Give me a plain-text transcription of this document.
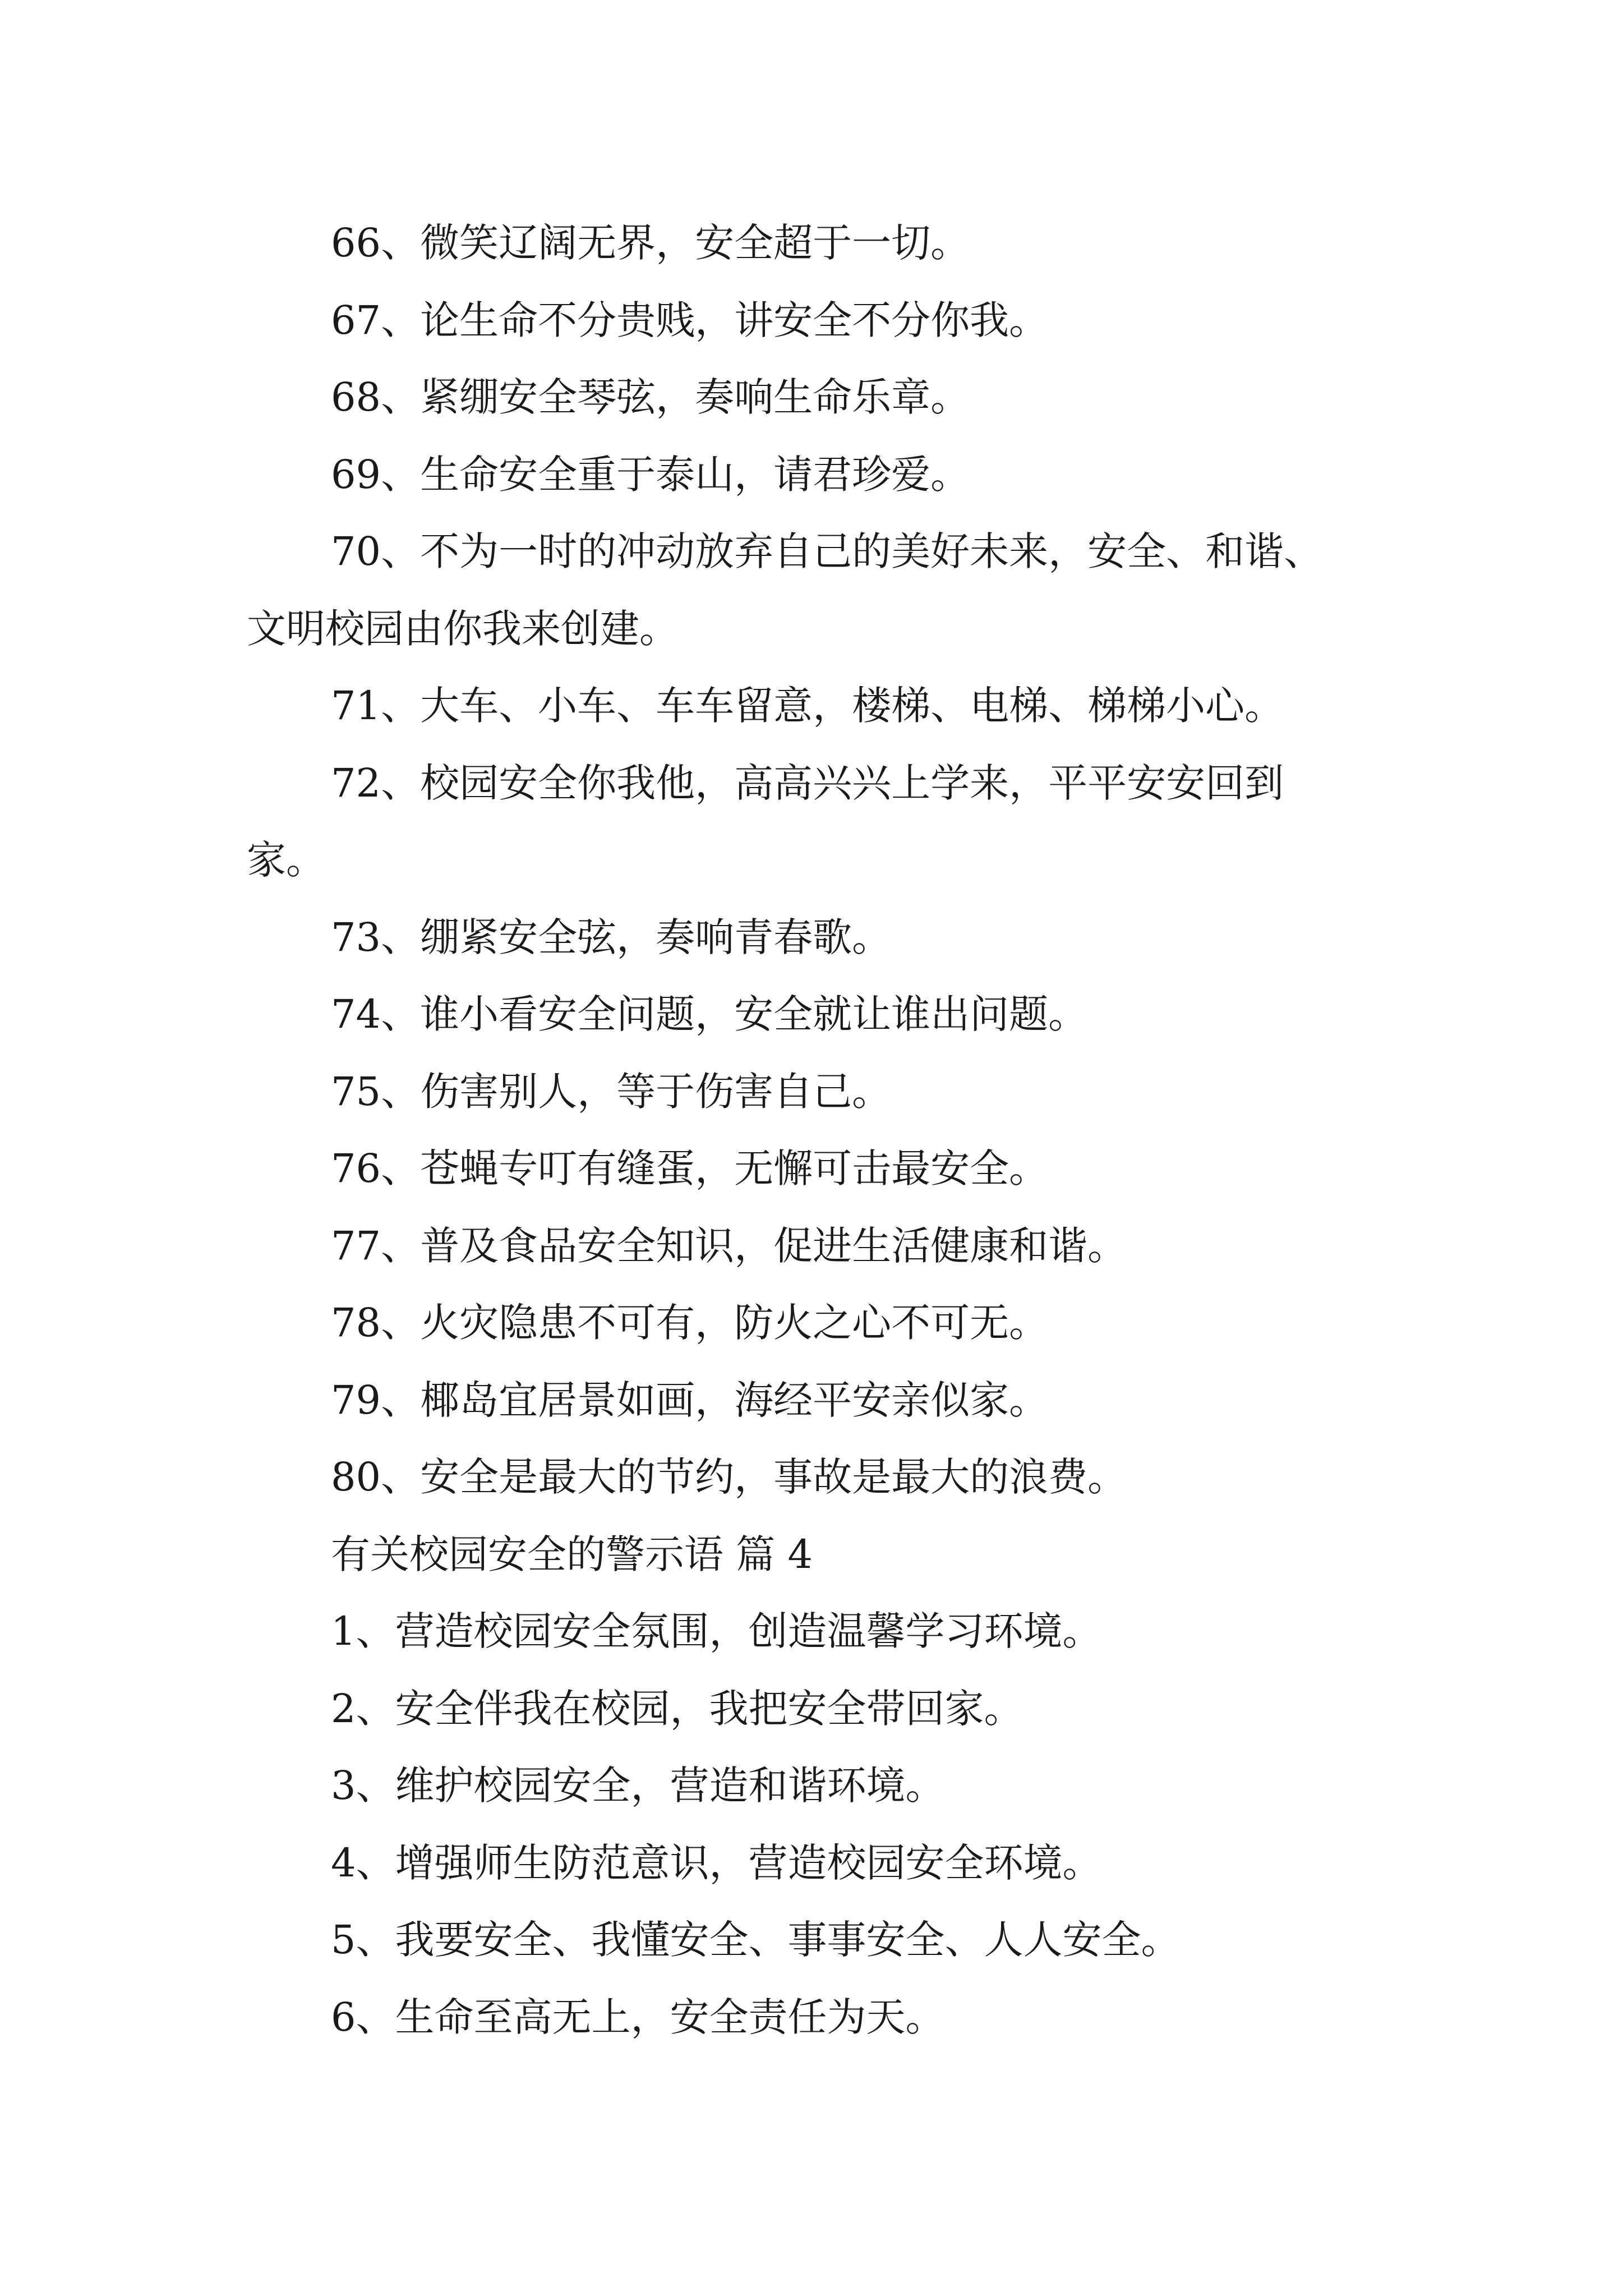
66、微笑辽阔无界，安全超于一切。

67、论生命不分贵贱，讲安全不分你我。

68、紧绷安全琴弦，奏响生命乐章。

69、生命安全重于泰山，请君珍爱。

70、不为一时的冲动放弃自己的美好未来，安全、和谐、

文明校园由你我来创建。

71、大车、小车、车车留意，楼梯、电梯、梯梯小心。

72、校园安全你我他，高高兴兴上学来，平平安安回到

家。

73、绷紧安全弦，奏响青春歌。

74、谁小看安全问题，安全就让谁出问题。

75、伤害别人，等于伤害自己。

76、苍蝇专叮有缝蛋，无懈可击最安全。

77、普及食品安全知识，促进生活健康和谐。

78、火灾隐患不可有，防火之心不可无。

79、椰岛宜居景如画，海经平安亲似家。

80、安全是最大的节约，事故是最大的浪费。

有关校园安全的警示语 篇 4

1、营造校园安全氛围，创造温馨学习环境。

2、安全伴我在校园，我把安全带回家。

3、维护校园安全，营造和谐环境。

4、增强师生防范意识，营造校园安全环境。

5、我要安全、我懂安全、事事安全、人人安全。

6、生命至高无上，安全责任为天。
